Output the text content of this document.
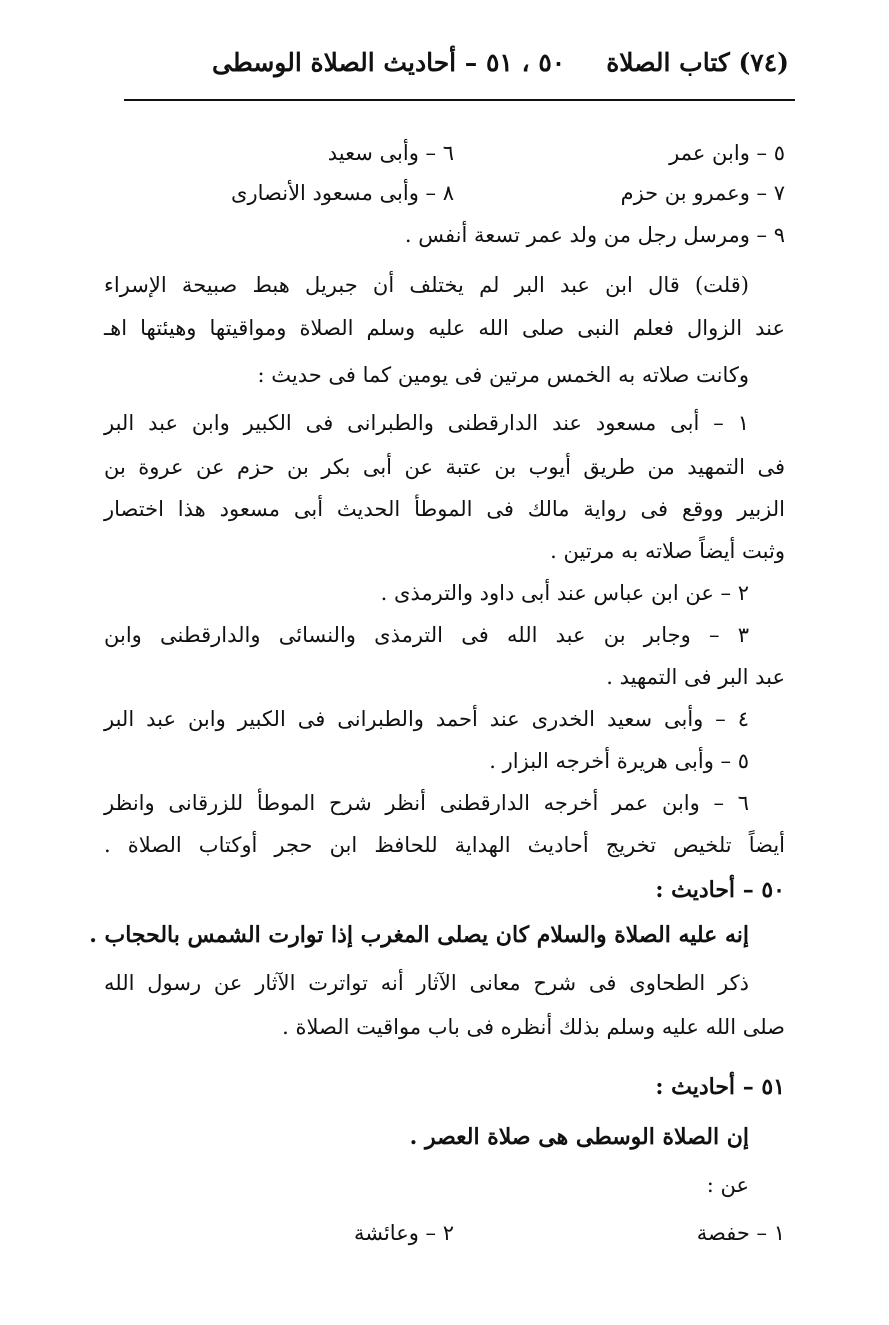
(٧٤) كتاب الصلاة
٥٠ ، ٥١ – أحاديث الصلاة الوسطى
٥ – وابن عمر
٦ – وأبى سعيد
٧ – وعمرو بن حزم
٨ – وأبى مسعود الأنصارى
٩ – ومرسل رجل من ولد عمر تسعة أنفس .
(قلت) قال ابن عبد البر لم يختلف أن جبريل هبط صبيحة الإسراء
عند الزوال فعلم النبى صلى الله عليه وسلم الصلاة ومواقيتها وهيئتها اهـ
وكانت صلاته به الخمس مرتين فى يومين كما فى حديث :
١ – أبى مسعود عند الدارقطنى والطبرانى فى الكبير وابن عبد البر
فى التمهيد من طريق أيوب بن عتبة عن أبى بكر بن حزم عن عروة بن
الزبير ووقع فى رواية مالك فى الموطأ الحديث أبى مسعود هذا اختصار
وثبت أيضاً صلاته به مرتين .
٢ – عن ابن عباس عند أبى داود والترمذى .
٣ – وجابر بن عبد الله فى الترمذى والنسائى والدارقطنى وابن
عبد البر فى التمهيد .
٤ – وأبى سعيد الخدرى عند أحمد والطبرانى فى الكبير وابن عبد البر
٥ – وأبى هريرة أخرجه البزار .
٦ – وابن عمر أخرجه الدارقطنى أنظر شرح الموطأ للزرقانى وانظر
أيضاً تلخيص تخريج أحاديث الهداية للحافظ ابن حجر أوكتاب الصلاة .
٥٠ – أحاديث :
إنه عليه الصلاة والسلام كان يصلى المغرب إذا توارت الشمس بالحجاب .
ذكر الطحاوى فى شرح معانى الآثار أنه تواترت الآثار عن رسول الله
صلى الله عليه وسلم بذلك أنظره فى باب مواقيت الصلاة .
٥١ – أحاديث :
إن الصلاة الوسطى هى صلاة العصر .
عن :
١ – حفصة
٢ – وعائشة
